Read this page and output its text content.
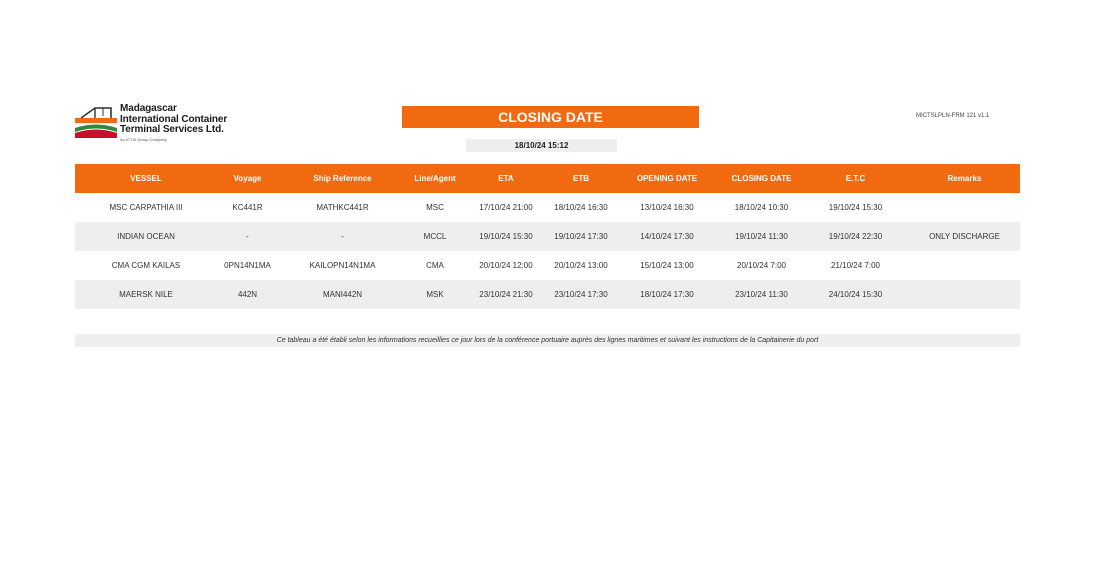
Madagascar
International Container
Terminal Services Ltd.
An ICTSI Group Company
CLOSING DATE
18/10/24 15:12
MICTSLPLN-FRM 121 v1.1
VESSEL	Voyage	Ship Reference	Line/Agent	ETA	ETB	OPENING DATE	CLOSING DATE	E.T.C	Remarks
MSC CARPATHIA III	KC441R	MATHKC441R	MSC	17/10/24 21:00	18/10/24 16:30	13/10/24 16:30	18/10/24 10:30	19/10/24 15:30
INDIAN OCEAN	-	-	MCCL	19/10/24 15:30	19/10/24 17:30	14/10/24 17:30	19/10/24 11:30	19/10/24 22:30	ONLY DISCHARGE
CMA CGM KAILAS	0PN14N1MA	KAILOPN14N1MA	CMA	20/10/24 12:00	20/10/24 13:00	15/10/24 13:00	20/10/24 7:00	21/10/24 7:00
MAERSK NILE	442N	MANI442N	MSK	23/10/24 21:30	23/10/24 17:30	18/10/24 17:30	23/10/24 11:30	24/10/24 15:30
Ce tableau a été établi selon les informations recueillies ce jour lors de la conférence portuaire auprès des lignes maritimes et suivant les instructions de la Capitainerie du port
